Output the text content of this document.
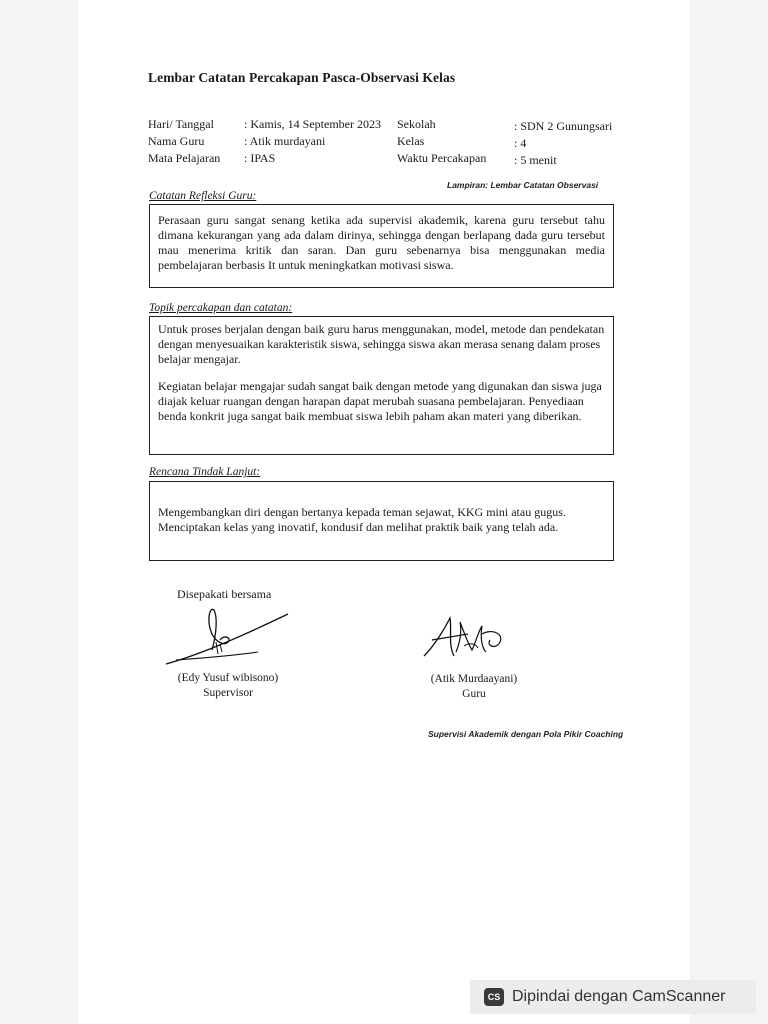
Lembar Catatan Percakapan Pasca-Observasi Kelas
Hari/ Tanggal
Nama Guru
Mata Pelajaran
: Kamis, 14 September 2023
: Atik murdayani
: IPAS
Sekolah
Kelas
Waktu Percakapan
: SDN 2 Gunungsari
: 4
: 5 menit
Lampiran: Lembar Catatan Observasi
Catatan Refleksi Guru:
Perasaan guru sangat senang ketika ada supervisi akademik, karena guru tersebut tahu dimana kekurangan yang ada dalam dirinya, sehingga dengan berlapang dada guru tersebut mau menerima kritik dan saran. Dan guru sebenarnya bisa menggunakan media pembelajaran berbasis It untuk meningkatkan motivasi siswa.
Topik percakapan dan catatan:

Untuk proses berjalan dengan baik guru harus menggunakan, model, metode dan pendekatan dengan menyesuaikan karakteristik siswa, sehingga siswa akan merasa senang dalam proses belajar mengajar.

Kegiatan belajar mengajar sudah sangat baik dengan metode yang digunakan dan siswa juga diajak keluar ruangan dengan harapan dapat merubah suasana pembelajaran. Penyediaan benda konkrit juga sangat baik membuat siswa lebih paham akan materi yang diberikan.

Rencana Tindak Lanjut:

Mengembangkan diri dengan bertanya kepada teman sejawat, KKG mini atau gugus. Menciptakan kelas yang inovatif, kondusif dan melihat praktik baik yang telah ada.

Disepakati bersama
(Edy Yusuf wibisono)
Supervisor
(Atik Murdaayani)
Guru
Supervisi Akademik dengan Pola Pikir Coaching
CS Dipindai dengan CamScanner
